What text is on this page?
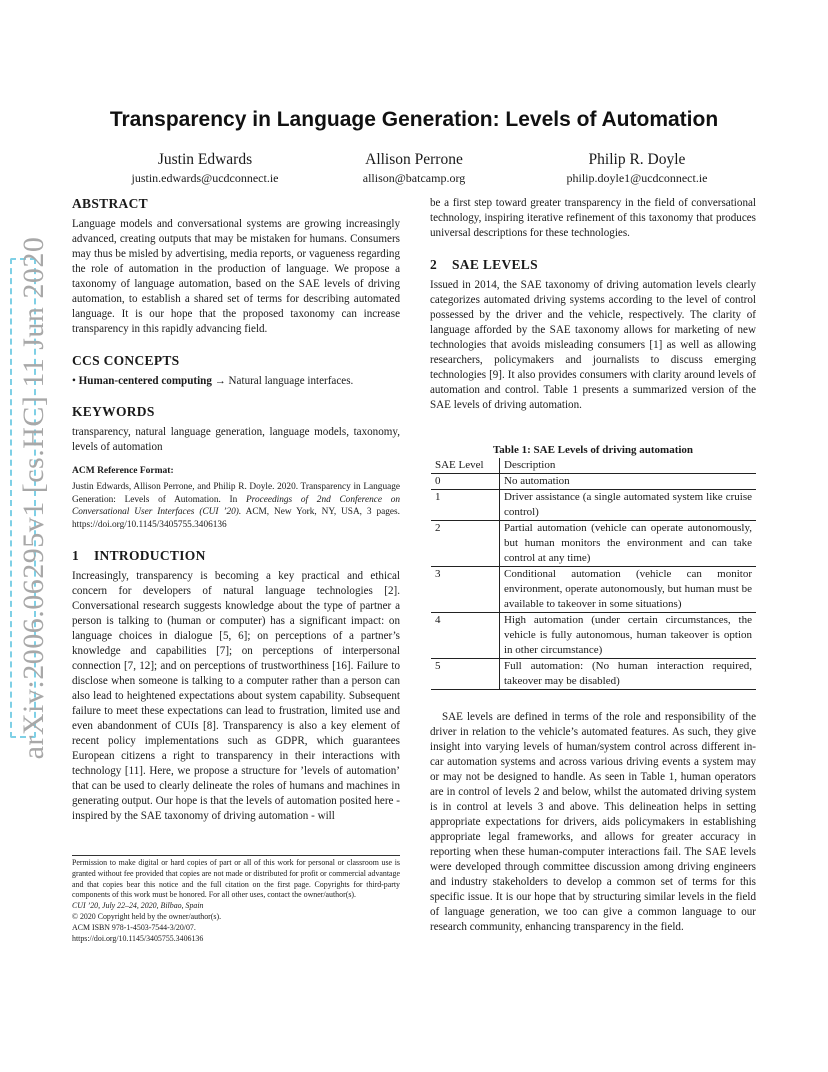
arXiv:2006.06295v1 [cs.HC] 11 Jun 2020
Transparency in Language Generation: Levels of Automation
Justin Edwards
justin.edwards@ucdconnect.ie
Allison Perrone
allison@batcamp.org
Philip R. Doyle
philip.doyle1@ucdconnect.ie
ABSTRACT

Language models and conversational systems are growing increasingly advanced, creating outputs that may be mistaken for humans. Consumers may thus be misled by advertising, media reports, or vagueness regarding the role of automation in the production of language. We propose a taxonomy of language automation, based on the SAE levels of driving automation, to establish a shared set of terms for describing automated language. It is our hope that the proposed taxonomy can increase transparency in this rapidly advancing field.

CCS CONCEPTS

• Human-centered computing → Natural language interfaces.

KEYWORDS

transparency, natural language generation, language models, taxonomy, levels of automation

ACM Reference Format:

Justin Edwards, Allison Perrone, and Philip R. Doyle. 2020. Transparency in Language Generation: Levels of Automation. In Proceedings of 2nd Conference on Conversational User Interfaces (CUI ’20). ACM, New York, NY, USA, 3 pages. https://doi.org/10.1145/3405755.3406136

1 INTRODUCTION

Increasingly, transparency is becoming a key practical and ethical concern for developers of natural language technologies [2]. Conversational research suggests knowledge about the type of partner a person is talking to (human or computer) has a significant impact: on language choices in dialogue [5, 6]; on perceptions of a partner’s knowledge and capabilities [7]; on perceptions of interpersonal connection [7, 12]; and on perceptions of trustworthiness [16]. Failure to disclose when someone is talking to a computer rather than a person can also lead to heightened expectations about system capability. Subsequent failure to meet these expectations can lead to frustration, limited use and even abandonment of CUIs [8]. Transparency is also a key element of recent policy implementations such as GDPR, which guarantees European citizens a right to transparency in their interactions with technology [11]. Here, we propose a structure for ’levels of automation’ that can be used to clearly delineate the roles of humans and machines in generating output. Our hope is that the levels of automation posited here - inspired by the SAE taxonomy of driving automation - will

Permission to make digital or hard copies of part or all of this work for personal or classroom use is granted without fee provided that copies are not made or distributed for profit or commercial advantage and that copies bear this notice and the full citation on the first page. Copyrights for third-party components of this work must be honored. For all other uses, contact the owner/author(s).

CUI ’20, July 22–24, 2020, Bilbao, Spain

© 2020 Copyright held by the owner/author(s).

ACM ISBN 978-1-4503-7544-3/20/07.

https://doi.org/10.1145/3405755.3406136

be a first step toward greater transparency in the field of conversational technology, inspiring iterative refinement of this taxonomy that produces universal descriptions for these technologies.

2 SAE LEVELS

Issued in 2014, the SAE taxonomy of driving automation levels clearly categorizes automated driving systems according to the level of control possessed by the driver and the vehicle, respectively. The clarity of language afforded by the SAE taxonomy allows for marketing of new technologies that avoids misleading consumers [1] as well as allowing researchers, policymakers and journalists to discuss emerging technologies [9]. It also provides consumers with clarity around levels of automation and control. Table 1 presents a summarized version of the SAE levels of driving automation.

Table 1: SAE Levels of driving automation
SAE Level	Description
0	No automation
1	Driver assistance (a single automated system like cruise control)
2	Partial automation (vehicle can operate autonomously, but human monitors the environment and can take control at any time)
3	Conditional automation (vehicle can monitor environment, operate autonomously, but human must be available to takeover in some situations)
4	High automation (under certain circumstances, the vehicle is fully autonomous, human takeover is option in other circumstance)
5	Full automation: (No human interaction required, takeover may be disabled)

SAE levels are defined in terms of the role and responsibility of the driver in relation to the vehicle’s automated features. As such, they give insight into varying levels of human/system control across different in-car automation systems and across various driving events a system may or may not be designed to handle. As seen in Table 1, human operators are in control of levels 2 and below, whilst the automated driving system is in control at levels 3 and above. This delineation helps in setting appropriate expectations for drivers, aids policymakers in establishing appropriate legal frameworks, and allows for greater accuracy in reporting when these human-computer interactions fail. The SAE levels were developed through committee discussion among driving engineers and industry stakeholders to develop a common set of terms for this specific issue. It is our hope that by structuring similar levels in the field of language generation, we too can give a common language to our research community, enhancing transparency in the field.
